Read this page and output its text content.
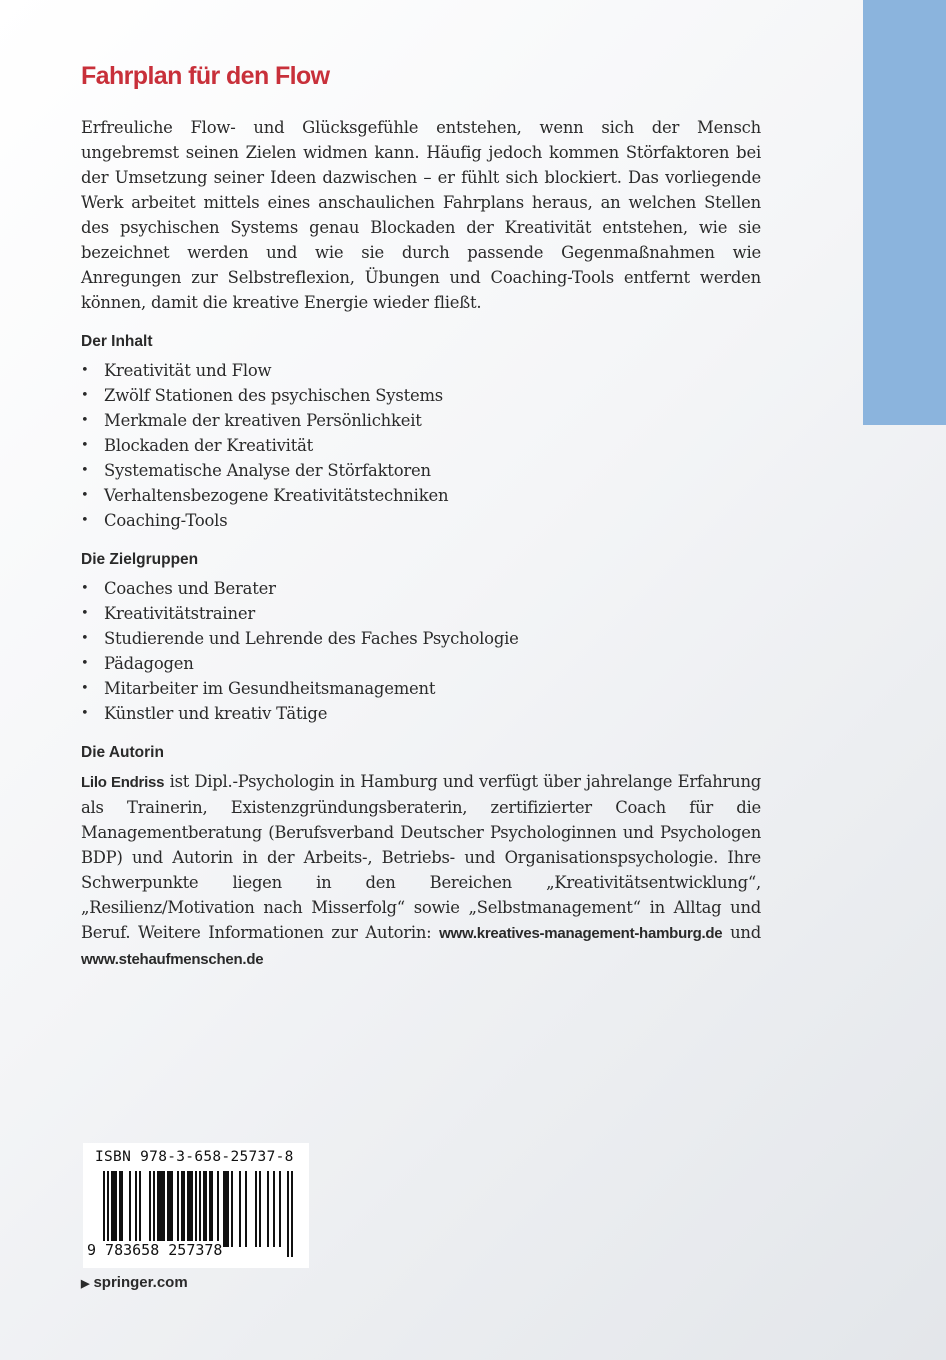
Fahrplan für den Flow

Erfreuliche Flow- und Glücksgefühle entstehen, wenn sich der Mensch ungebremst seinen Zielen widmen kann. Häufig jedoch kommen Störfaktoren bei der Umsetzung seiner Ideen dazwischen – er fühlt sich blockiert. Das vorliegende Werk arbeitet mittels eines anschaulichen Fahrplans heraus, an welchen Stellen des psychischen Systems genau Blockaden der Kreativität entstehen, wie sie bezeichnet werden und wie sie durch passende Gegenmaßnahmen wie Anregungen zur Selbstreflexion, Übungen und Coaching-Tools entfernt werden können, damit die kreative Energie wieder fließt.

Der Inhalt
• Kreativität und Flow
• Zwölf Stationen des psychischen Systems
• Merkmale der kreativen Persönlichkeit
• Blockaden der Kreativität
• Systematische Analyse der Störfaktoren
• Verhaltensbezogene Kreativitätstechniken
• Coaching-Tools
Die Zielgruppen
• Coaches und Berater
• Kreativitätstrainer
• Studierende und Lehrende des Faches Psychologie
• Pädagogen
• Mitarbeiter im Gesundheitsmanagement
• Künstler und kreativ Tätige
Die Autorin

Lilo Endriss ist Dipl.-Psychologin in Hamburg und verfügt über jahrelange Erfahrung als Trainerin, Existenzgründungsberaterin, zertifizierter Coach für die Managementberatung (Berufsverband Deutscher Psychologinnen und Psychologen BDP) und Autorin in der Arbeits-, Betriebs- und Organisationspsychologie. Ihre Schwerpunkte liegen in den Bereichen „Kreativitätsentwicklung“, „Resilienz/Motivation nach Misserfolg“ sowie „Selbstmanagement“ in Alltag und Beruf. Weitere Informationen zur Autorin: www.kreatives-management-hamburg.de und www.stehaufmenschen.de

ISBN 978-3-658-25737-8
9 783658 257378
▶ springer.com
